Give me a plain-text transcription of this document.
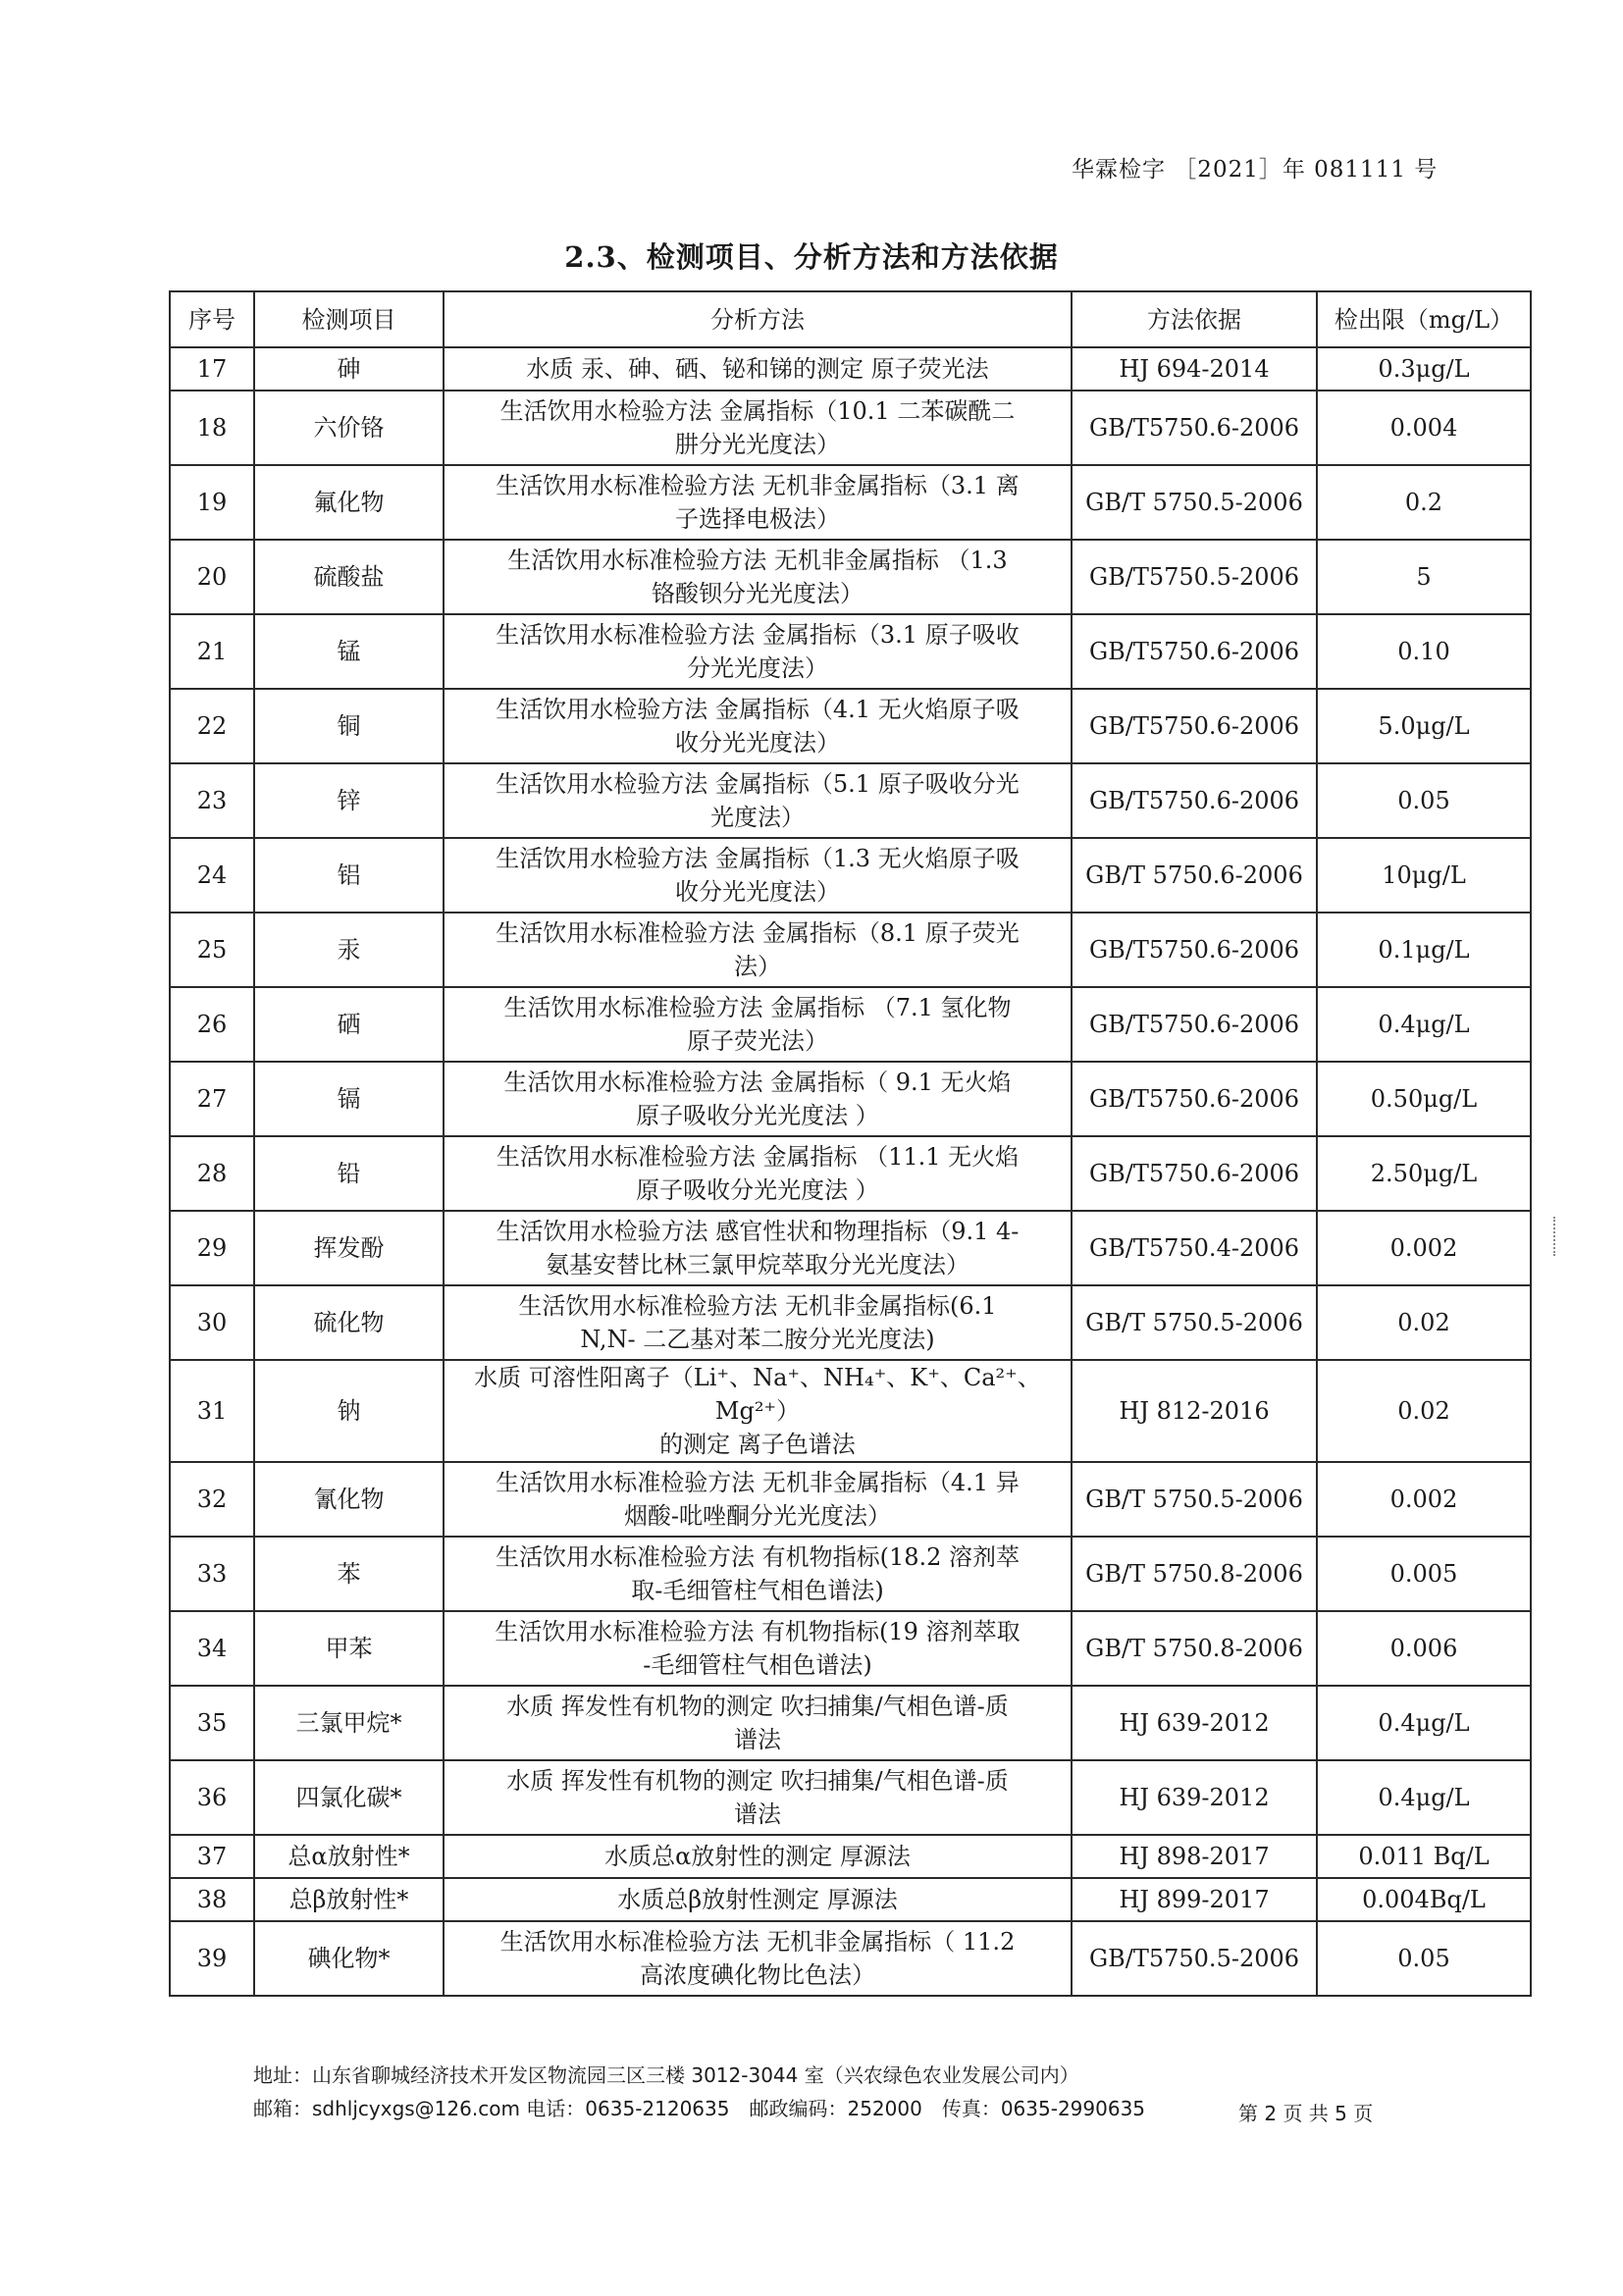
华霖检字 ［2021］年 081111 号
2.3、检测项目、分析方法和方法依据
序号	检测项目	分析方法	方法依据	检出限（mg/L）
17	砷	水质 汞、砷、硒、铋和锑的测定 原子荧光法	HJ 694-2014	0.3μg/L
18	六价铬	生活饮用水检验方法 金属指标（10.1 二苯碳酰二
肼分光光度法）	GB/T5750.6-2006	0.004
19	氟化物	生活饮用水标准检验方法 无机非金属指标（3.1 离
子选择电极法）	GB/T 5750.5-2006	0.2
20	硫酸盐	生活饮用水标准检验方法 无机非金属指标 （1.3
铬酸钡分光光度法）	GB/T5750.5-2006	5
21	锰	生活饮用水标准检验方法 金属指标（3.1 原子吸收
分光光度法）	GB/T5750.6-2006	0.10
22	铜	生活饮用水检验方法 金属指标（4.1 无火焰原子吸
收分光光度法）	GB/T5750.6-2006	5.0μg/L
23	锌	生活饮用水检验方法 金属指标（5.1 原子吸收分光
光度法）	GB/T5750.6-2006	0.05
24	铝	生活饮用水检验方法 金属指标（1.3 无火焰原子吸
收分光光度法）	GB/T 5750.6-2006	10μg/L
25	汞	生活饮用水标准检验方法 金属指标（8.1 原子荧光
法）	GB/T5750.6-2006	0.1μg/L
26	硒	生活饮用水标准检验方法 金属指标 （7.1 氢化物
原子荧光法）	GB/T5750.6-2006	0.4μg/L
27	镉	生活饮用水标准检验方法 金属指标（ 9.1 无火焰
原子吸收分光光度法 ）	GB/T5750.6-2006	0.50μg/L
28	铅	生活饮用水标准检验方法 金属指标 （11.1 无火焰
原子吸收分光光度法 ）	GB/T5750.6-2006	2.50μg/L
29	挥发酚	生活饮用水检验方法 感官性状和物理指标（9.1 4-
氨基安替比林三氯甲烷萃取分光光度法）	GB/T5750.4-2006	0.002
30	硫化物	生活饮用水标准检验方法 无机非金属指标(6.1
N,N- 二乙基对苯二胺分光光度法)	GB/T 5750.5-2006	0.02
31	钠	水质 可溶性阳离子（Li⁺、Na⁺、NH₄⁺、K⁺、Ca²⁺、Mg²⁺）
的测定 离子色谱法	HJ 812-2016	0.02
32	氰化物	生活饮用水标准检验方法 无机非金属指标（4.1 异
烟酸-吡唑酮分光光度法）	GB/T 5750.5-2006	0.002
33	苯	生活饮用水标准检验方法 有机物指标(18.2 溶剂萃
取-毛细管柱气相色谱法)	GB/T 5750.8-2006	0.005
34	甲苯	生活饮用水标准检验方法 有机物指标(19 溶剂萃取
-毛细管柱气相色谱法)	GB/T 5750.8-2006	0.006
35	三氯甲烷*	水质 挥发性有机物的测定 吹扫捕集/气相色谱-质
谱法	HJ 639-2012	0.4μg/L
36	四氯化碳*	水质 挥发性有机物的测定 吹扫捕集/气相色谱-质
谱法	HJ 639-2012	0.4μg/L
37	总α放射性*	水质总α放射性的测定 厚源法	HJ 898-2017	0.011 Bq/L
38	总β放射性*	水质总β放射性测定 厚源法	HJ 899-2017	0.004Bq/L
39	碘化物*	生活饮用水标准检验方法 无机非金属指标（ 11.2
高浓度碘化物比色法）	GB/T5750.5-2006	0.05
地址：山东省聊城经济技术开发区物流园三区三楼 3012-3044 室（兴农绿色农业发展公司内）
邮箱：sdhljcyxgs@126.com 电话：0635-2120635　邮政编码：252000　传真：0635-2990635	第 2 页 共 5 页
